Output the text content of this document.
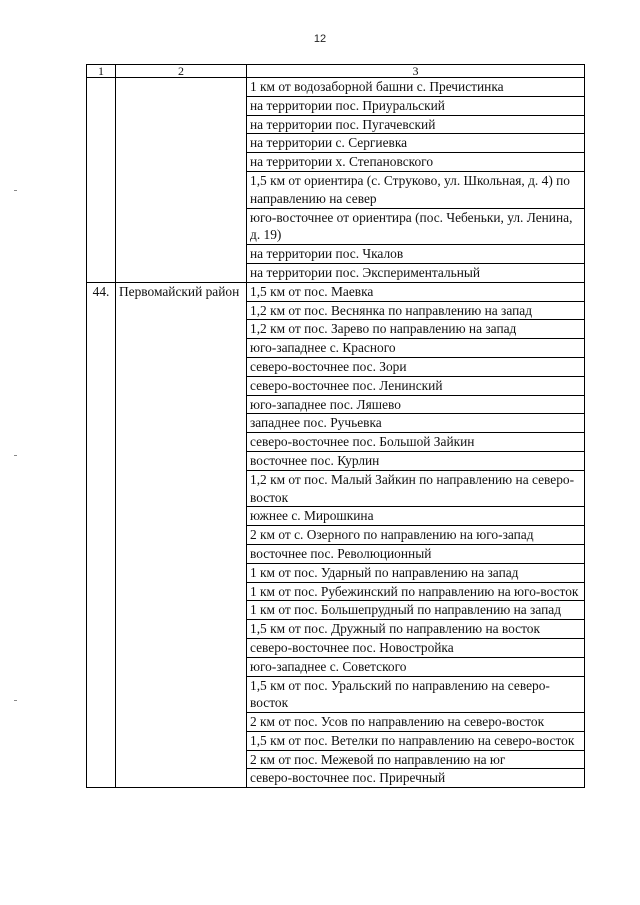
12
1	2	3
		1 км от водозаборной башни с. Пречистинка
		на территории пос. Приуральский
		на территории пос. Пугачевский
		на территории с. Сергиевка
		на территории х. Степановского
		1,5 км от ориентира (с. Струково, ул. Школьная, д. 4) по направлению на север
		юго-восточнее от ориентира (пос. Чебеньки, ул. Ленина, д. 19)
		на территории пос. Чкалов
		на территории пос. Экспериментальный
44.	Первомайский район	1,5 км от пос. Маевка
		1,2 км от пос. Веснянка по направлению на запад
		1,2 км от пос. Зарево по направлению на запад
		юго-западнее с. Красного
		северо-восточнее пос. Зори
		северо-восточнее пос. Ленинский
		юго-западнее пос. Ляшево
		западнее пос. Ручьевка
		северо-восточнее пос. Большой Зайкин
		восточнее пос. Курлин
		1,2 км от пос. Малый Зайкин по направлению на северо-восток
		южнее с. Мирошкина
		2 км от с. Озерного по направлению на юго-запад
		восточнее пос. Революционный
		1 км от пос. Ударный по направлению на запад
		1 км от пос. Рубежинский по направлению на юго-восток
		1 км от пос. Большепрудный по направлению на запад
		1,5 км от пос. Дружный по направлению на восток
		северо-восточнее пос. Новостройка
		юго-западнее с. Советского
		1,5 км от пос. Уральский по направлению на северо-восток
		2 км от пос. Усов по направлению на северо-восток
		1,5 км от пос. Ветелки по направлению на северо-восток
		2 км от пос. Межевой по направлению на юг
		северо-восточнее пос. Приречный
